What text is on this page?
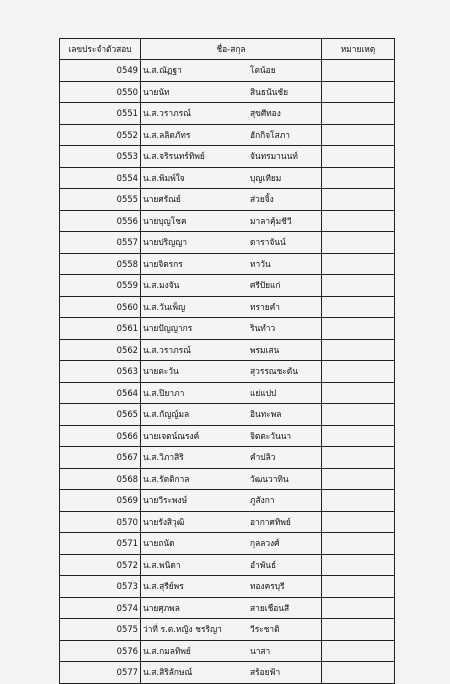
เลขประจำตัวสอบ	ชื่อ-สกุล	หมายเหตุ
0549	น.ส.ณัฏฐา โตน้อย	

0550	นายนัท สินธนันชัย	

0551	น.ส.วราภรณ์ สุขศีทอง	

0552	น.ส.ลลิตภัทร ฮักกิจโสภา	

0553	น.ส.จริรนทร์ทิพย์ จันทรมานนท์	

0554	น.ส.พิมพ์ใจ บุญเทียม	

0555	นายศรัณย์ ส่วยจิ้ง	

0556	นายบุญโชค มาลาคุ้มชีวี	

0557	นายปริญญา ดาราจันน์	

0558	นายจิตรกร ทาวัน	

0559	น.ส.มงจัน ศรีปัยแก่	

0560	น.ส.วันเพ็ญ ทรายคำ	

0561	นายปัญญากร รินทำว	

0562	น.ส.วราภรณ์ พรมเสน	

0563	นายตะวัน สุวรรณชะดัน	

0564	น.ส.ปิยาภา แย่แปป	

0565	น.ส.กัญญ์มล อินทะพล	

0566	นายเจตน์ณรงค์ จิตตะวันนา	

0567	น.ส.วิภาสิริ คำปลิว	

0568	น.ส.รัตติกาล วัฒนวาทิน	

0569	นายวีระพงษ์ ภูสังกา	

0570	นายรังสิวุฒิ อากาศทิพย์	

0571	นายถนัด กุลลวงศ์	

0572	น.ส.พนิดา อำพันธ์	

0573	น.ส.สุรีย์พร ทองครบุรี	

0574	นายศุภพล สายเชือนสี	

0575	ว่าที่ ร.ต.หญิง ชรริญา วีระชาติ	

0576	น.ส.กมลทิพย์ นาสา	

0577	น.ส.สิริลักษณ์ สร้อยฟ้า	
